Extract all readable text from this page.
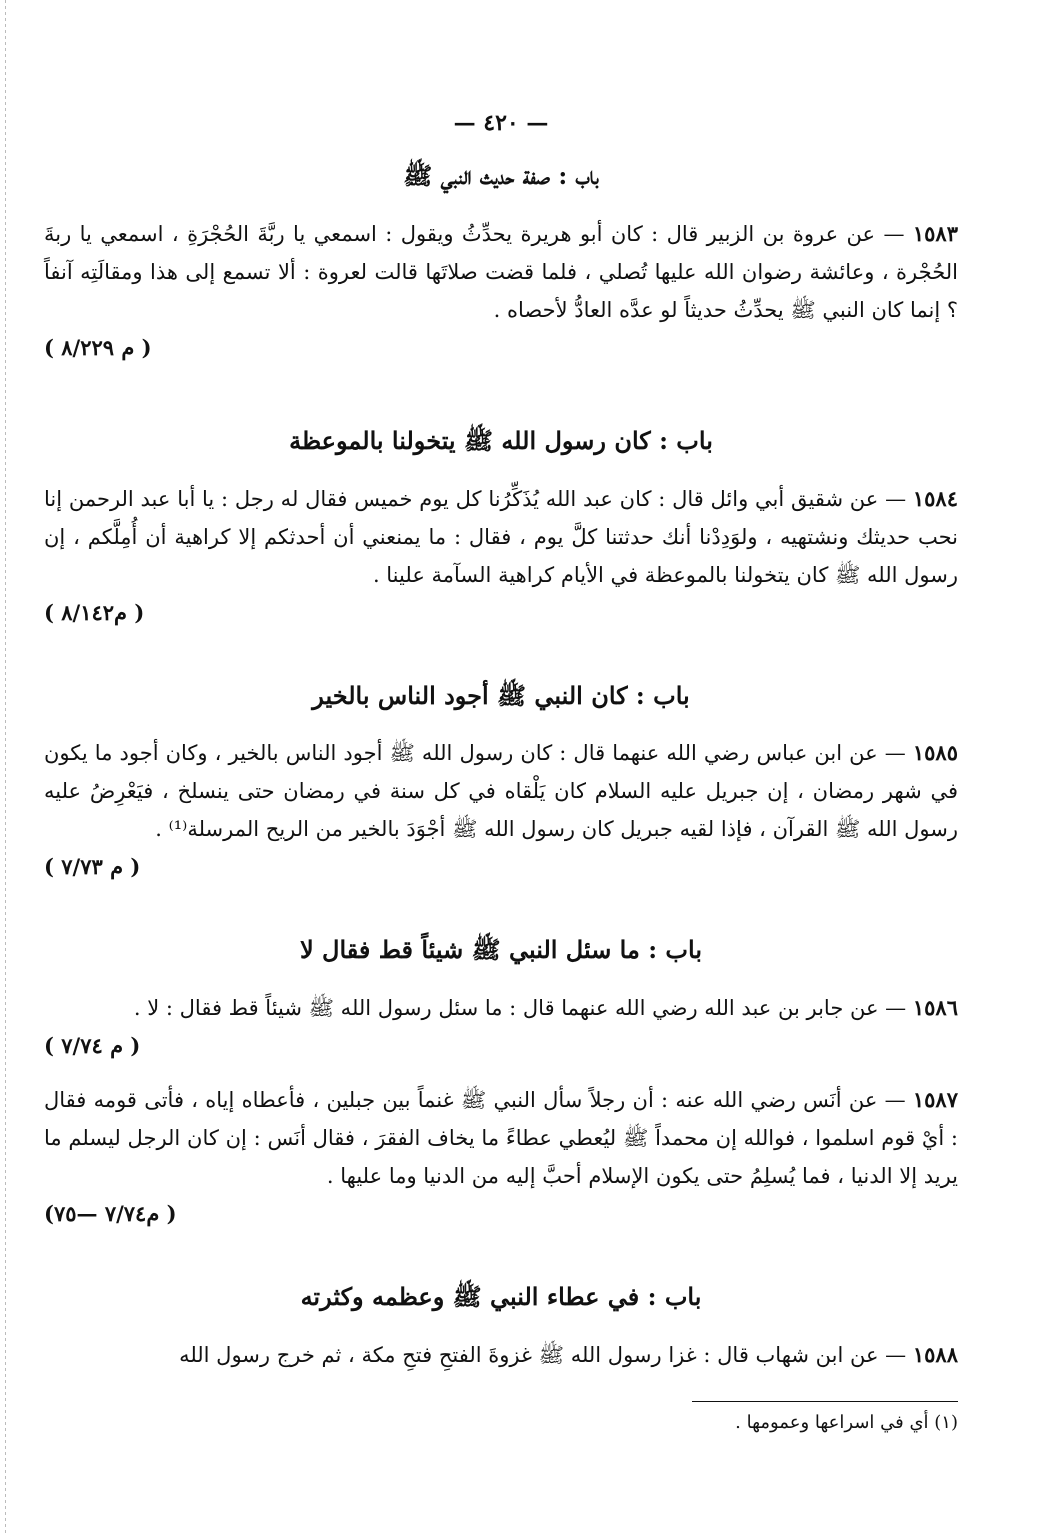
— ٤٢٠ —
باب : صفة حديث النبي ﷺ

١٥٨٣ — عن عروة بن الزبير قال : كان أبو هريرة يحدِّثُ ويقول : اسمعي يا ربَّةَ الحُجْرَةِ ، اسمعي يا ربةَ الحُجْرة ، وعائشة رضوان الله عليها تُصلي ، فلما قضت صلاتَها قالت لعروة : ألا تسمع إلى هذا ومقالَتِه آنفاً ؟ إنما كان النبي ﷺ يحدِّثُ حديثاً لو عدَّه العادُّ لأحصاه .
( م ٨/٢٢٩ )

باب : كان رسول الله ﷺ يتخولنا بالموعظة

١٥٨٤ — عن شقيق أبي وائل قال : كان عبد الله يُذَكِّرُنا كل يوم خميس فقال له رجل : يا أبا عبد الرحمن إنا نحب حديثك ونشتهيه ، ولوَدِدْنا أنك حدثتنا كلَّ يوم ، فقال : ما يمنعني أن أحدثكم إلا كراهية أن أُمِلَّكم ، إن رسول الله ﷺ كان يتخولنا بالموعظة في الأيام كراهية السآمة علينا .
( م٨/١٤٢ )

باب : كان النبي ﷺ أجود الناس بالخير

١٥٨٥ — عن ابن عباس رضي الله عنهما قال : كان رسول الله ﷺ أجود الناس بالخير ، وكان أجود ما يكون في شهر رمضان ، إن جبريل عليه السلام كان يَلْقاه في كل سنة في رمضان حتى ينسلخ ، فيَعْرِضُ عليه رسول الله ﷺ القرآن ، فإذا لقيه جبريل كان رسول الله ﷺ أجْوَدَ بالخير من الريح المرسلة⁽¹⁾ .
( م ٧/٧٣ )

باب : ما سئل النبي ﷺ شيئاً قط فقال لا

١٥٨٦ — عن جابر بن عبد الله رضي الله عنهما قال : ما سئل رسول الله ﷺ شيئاً قط فقال : لا .
( م ٧/٧٤ )

١٥٨٧ — عن أنَس رضي الله عنه : أن رجلاً سأل النبي ﷺ غنماً بين جبلين ، فأعطاه إياه ، فأتى قومه فقال : أيْ قوم اسلموا ، فوالله إن محمداً ﷺ ليُعطي عطاءً ما يخاف الفقرَ ، فقال أنَس : إن كان الرجل ليسلم ما يريد إلا الدنيا ، فما يُسلِمُ حتى يكون الإسلام أحبَّ إليه من الدنيا وما عليها .
( م٧/٧٤ —٧٥)

باب : في عطاء النبي ﷺ وعظمه وكثرته

١٥٨٨ — عن ابن شهاب قال : غزا رسول الله ﷺ غزوةَ الفتحِ فتحِ مكة ، ثم خرج رسول الله

(١) أي في اسراعها وعمومها .
